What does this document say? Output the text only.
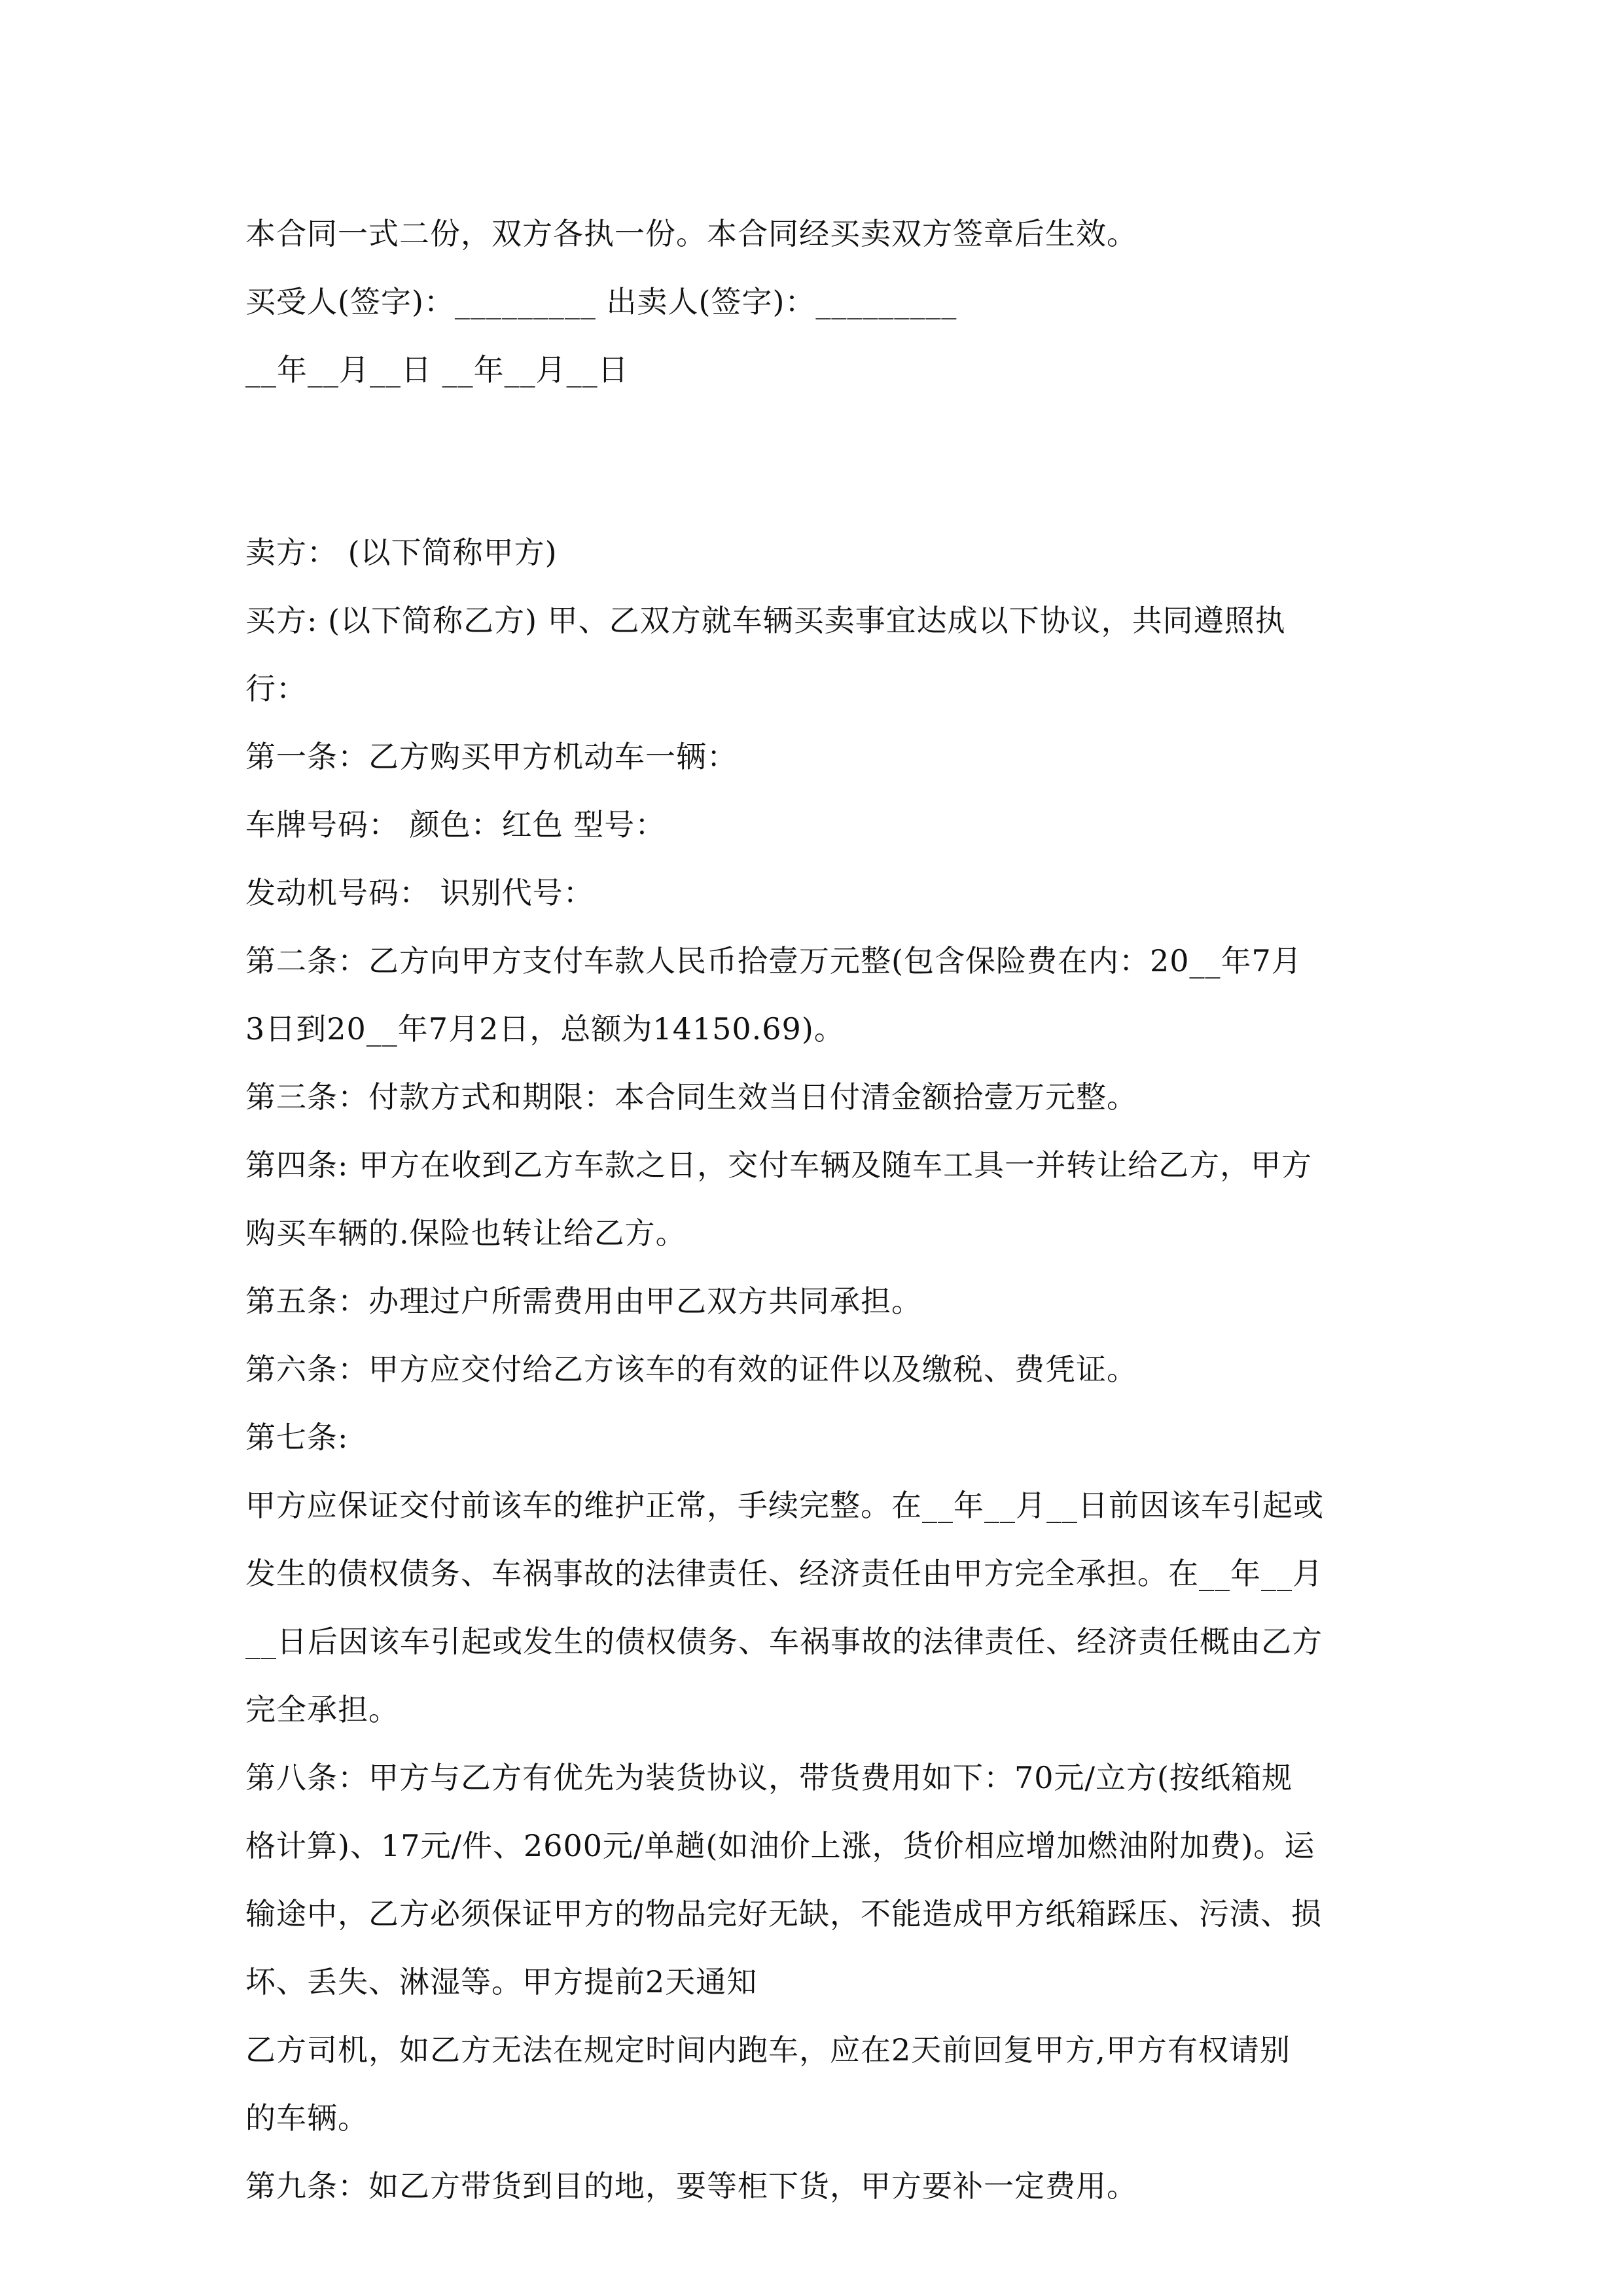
本合同一式二份，双方各执一份。本合同经买卖双方签章后生效。
买受人(签字)：_________ 出卖人(签字)：_________
__年__月__日 __年__月__日
卖方： (以下简称甲方)
买方: (以下简称乙方) 甲、乙双方就车辆买卖事宜达成以下协议，共同遵照执
行：
第一条：乙方购买甲方机动车一辆：
车牌号码： 颜色：红色 型号：
发动机号码： 识别代号：
第二条：乙方向甲方支付车款人民币拾壹万元整(包含保险费在内：20__年7月
3日到20__年7月2日，总额为14150.69)。
第三条：付款方式和期限：本合同生效当日付清金额拾壹万元整。
第四条: 甲方在收到乙方车款之日，交付车辆及随车工具一并转让给乙方，甲方
购买车辆的.保险也转让给乙方。
第五条：办理过户所需费用由甲乙双方共同承担。
第六条：甲方应交付给乙方该车的有效的证件以及缴税、费凭证。
第七条:
甲方应保证交付前该车的维护正常，手续完整。在__年__月__日前因该车引起或
发生的债权债务、车祸事故的法律责任、经济责任由甲方完全承担。在__年__月
__日后因该车引起或发生的债权债务、车祸事故的法律责任、经济责任概由乙方
完全承担。
第八条：甲方与乙方有优先为装货协议，带货费用如下：70元/立方(按纸箱规
格计算)、17元/件、2600元/单趟(如油价上涨，货价相应增加燃油附加费)。运
输途中，乙方必须保证甲方的物品完好无缺，不能造成甲方纸箱踩压、污渍、损
坏、丢失、淋湿等。甲方提前2天通知
乙方司机，如乙方无法在规定时间内跑车，应在2天前回复甲方,甲方有权请别
的车辆。
第九条：如乙方带货到目的地，要等柜下货，甲方要补一定费用。
